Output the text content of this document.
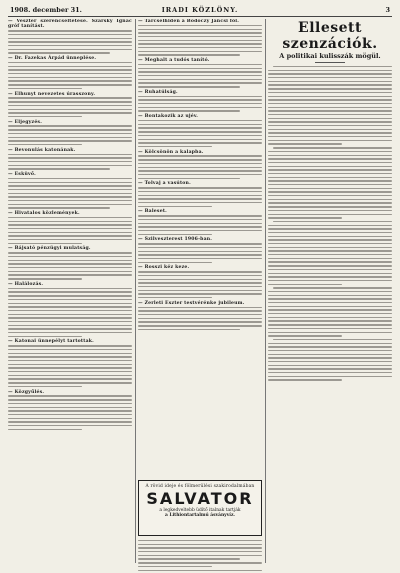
1908. december 31.	IRADI KÖZLÖNY.	3
— Veszter szerencséltetése. Szarsky Ignác gróf tanítást.
— Dr. Fazekas Árpád ünneplése.
— Elhunyt nevezetes úrasszony.
— Eljegyzés.
— Bevonulás katonának.
— Esküvő.
— Hivatalos közlemények.
— Bájsató pénzügyi mulatság.
— Halálozás.
— Katonai ünnepélyt tartottak.
— Közgyűlés.
— Tarcselhidén a Bodoczy Jancsi föl.
— Meghalt a tudós tanító.
— Ruhatúlság.
— Bontakozik az ujév.
— Kölcsönön a kalapba.
— Tolvaj a vasúton.
— Baleset.
— Szilveszterest 1906-ban.
— Rosszi kéz keze.
— Zerleti Eszter testvérénke jubileum.
A rövid ideje és fölmerülési szakirodalmában
SALVATOR
a legkedveltebb üdítő italnak tartják
a Lithiontartalmú ásványvíz.
Ellesett szenzációk.
A politikai kulisszák mögül.
